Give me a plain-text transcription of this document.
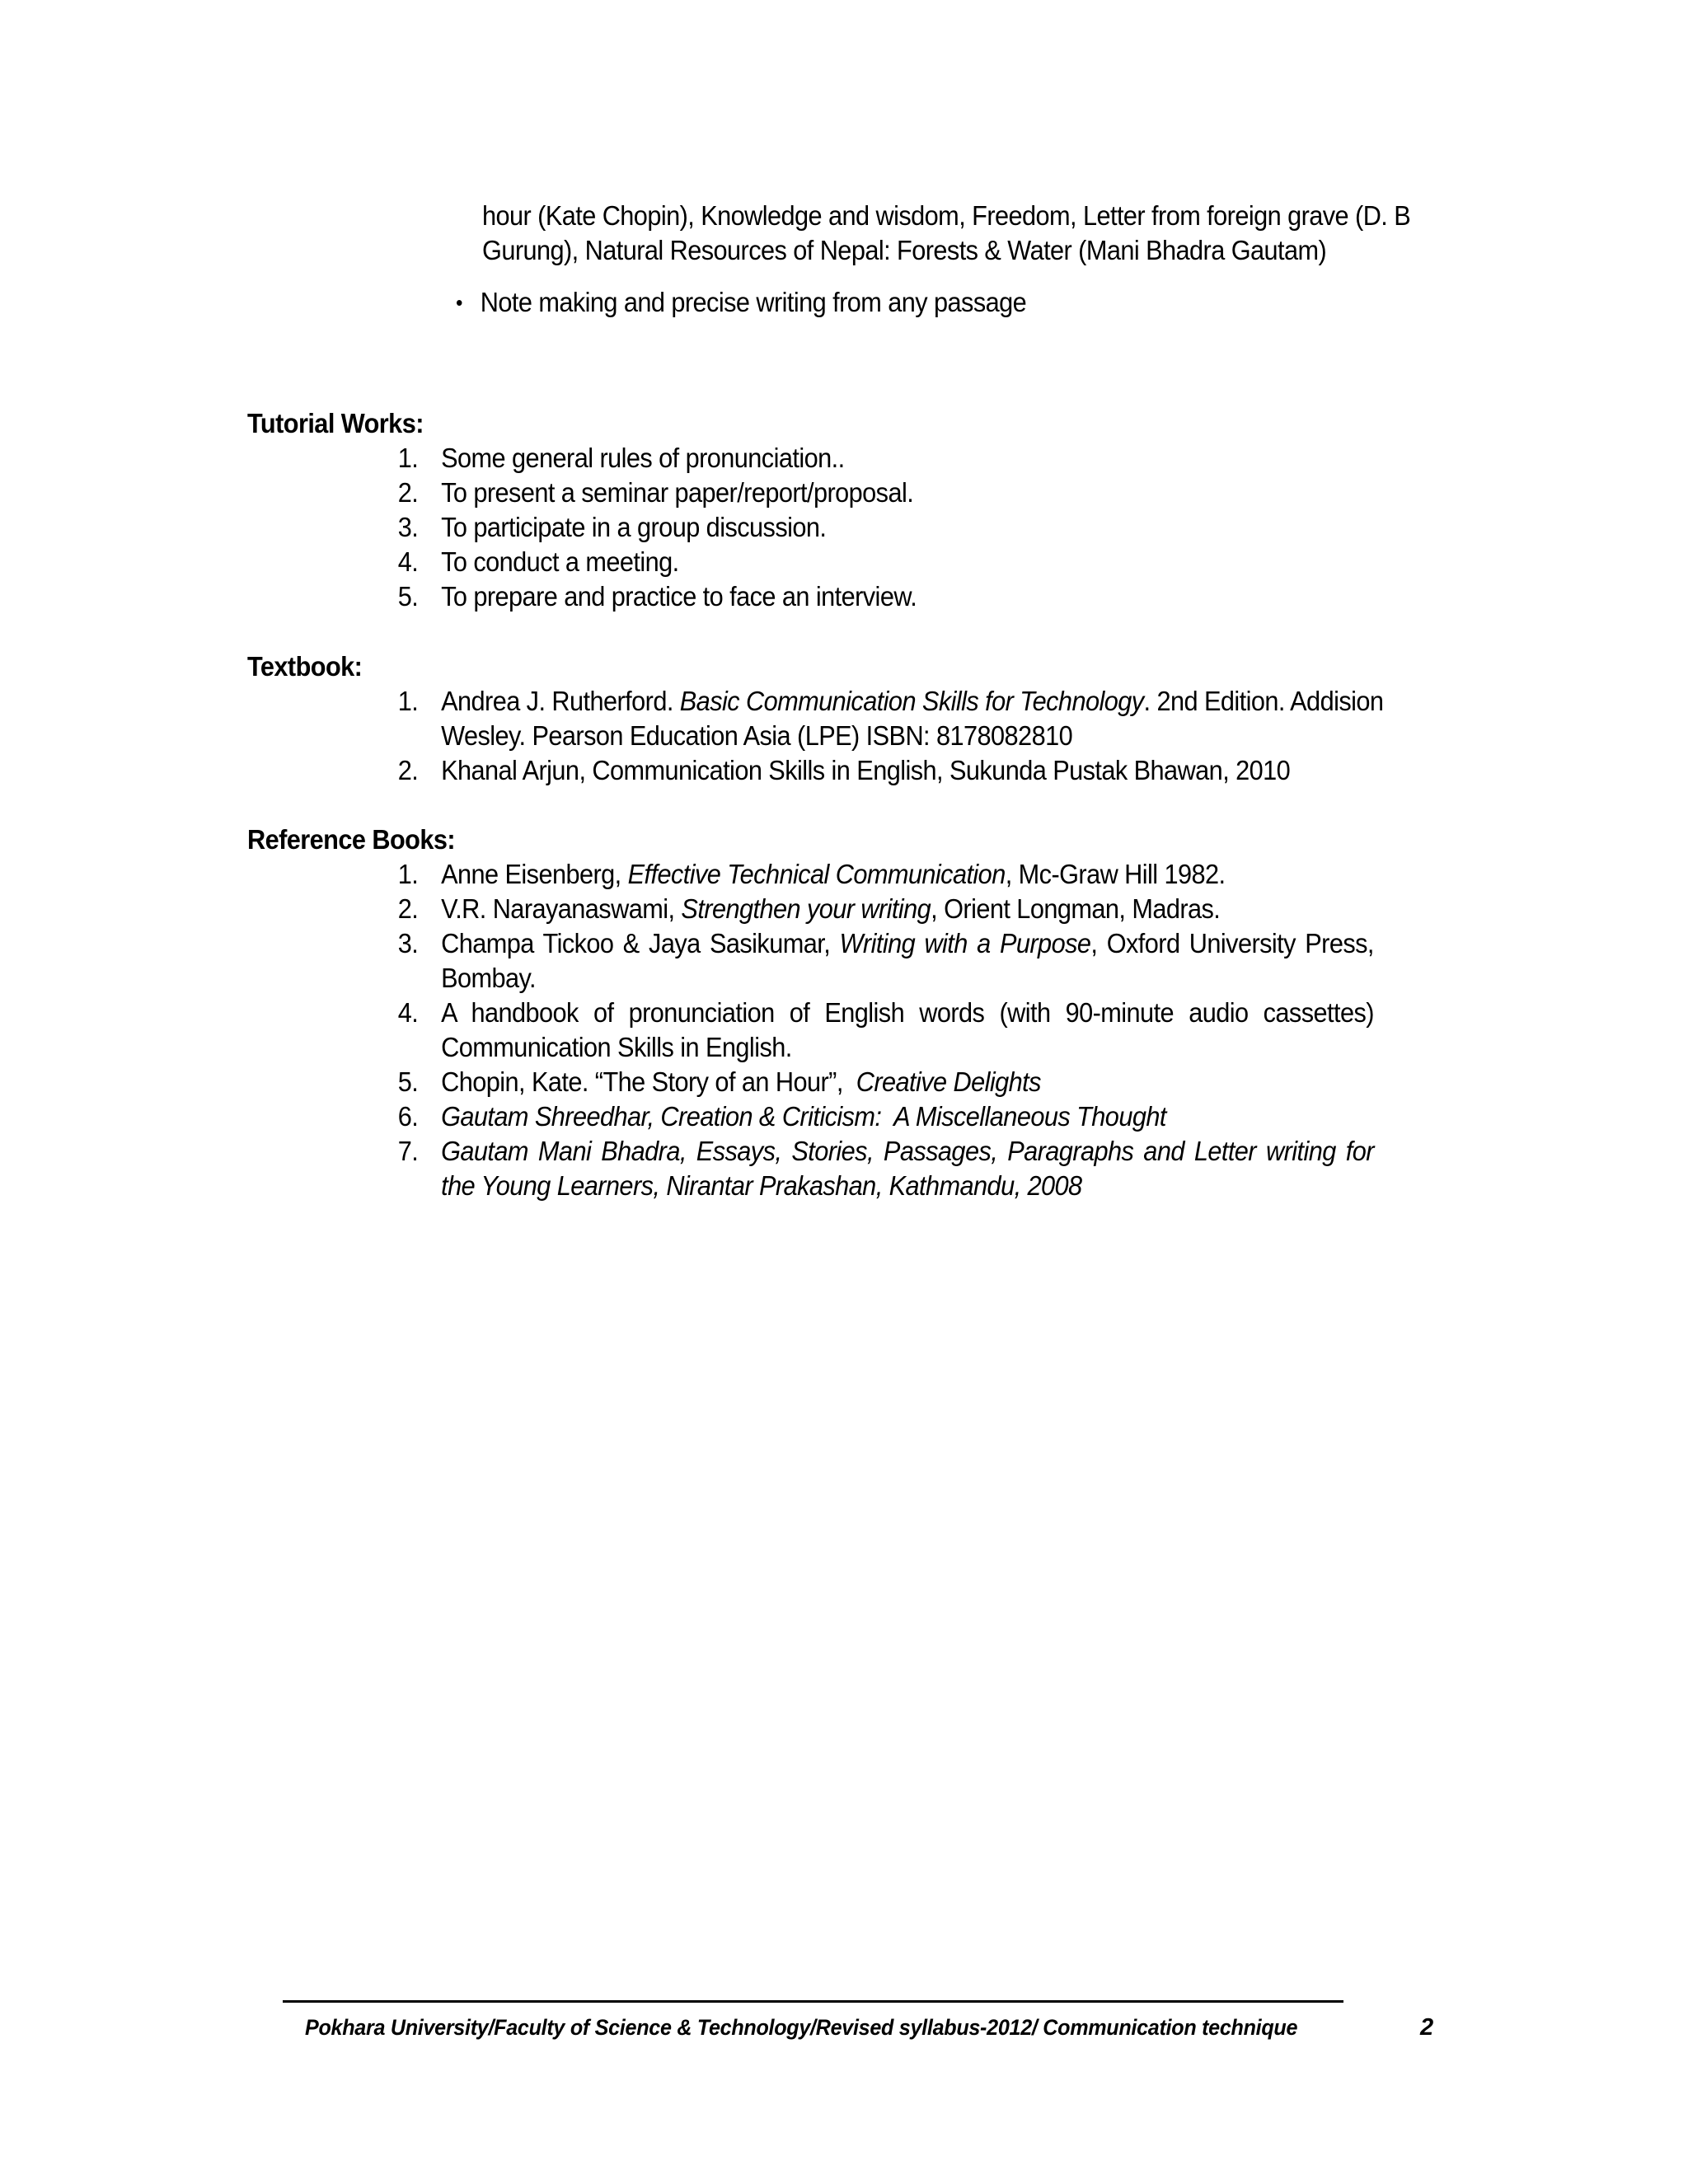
hour (Kate Chopin), Knowledge and wisdom, Freedom, Letter from foreign grave (D. B

Gurung), Natural Resources of Nepal: Forests & Water (Mani Bhadra Gautam)

• Note making and precise writing from any passage
Tutorial Works:
1. Some general rules of pronunciation..
2. To present a seminar paper/report/proposal.
3. To participate in a group discussion.
4. To conduct a meeting.
5. To prepare and practice to face an interview.
Textbook:
1. Andrea J. Rutherford. Basic Communication Skills for Technology. 2nd Edition. Addision Wesley. Pearson Education Asia (LPE) ISBN: 8178082810
2. Khanal Arjun, Communication Skills in English, Sukunda Pustak Bhawan, 2010
Reference Books:
1. Anne Eisenberg, Effective Technical Communication, Mc-Graw Hill 1982.
2. V.R. Narayanaswami, Strengthen your writing, Orient Longman, Madras.
3. Champa Tickoo & Jaya Sasikumar, Writing with a Purpose, Oxford University Press, Bombay.
4. A handbook of pronunciation of English words (with 90-minute audio cassettes) Communication Skills in English.
5. Chopin, Kate. “The Story of an Hour”,  Creative Delights
6. Gautam Shreedhar, Creation & Criticism:  A Miscellaneous Thought
7. Gautam Mani Bhadra, Essays, Stories, Passages, Paragraphs and Letter writing for the Young Learners, Nirantar Prakashan, Kathmandu, 2008
Pokhara University/Faculty of Science & Technology/Revised syllabus-2012/ Communication technique	2
